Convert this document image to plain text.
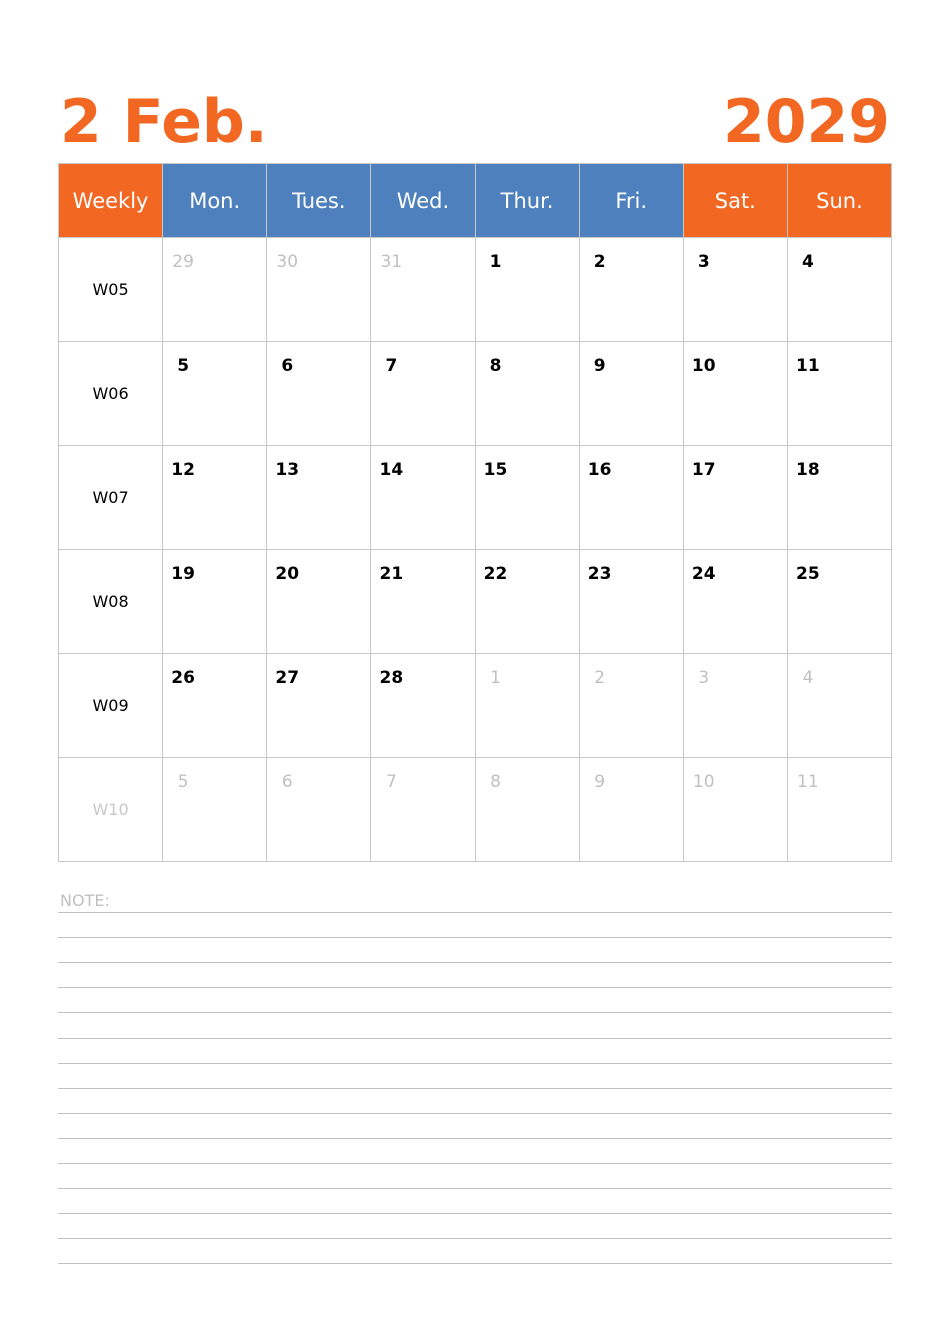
2 Feb.	2029
Weekly	Mon.	Tues.	Wed.	Thur.	Fri.	Sat.	Sun.
W05	29	30	31	1	2	3	4

W06	5	6	7	8	9	10	11

W07	12	13	14	15	16	17	18

W08	19	20	21	22	23	24	25

W09	26	27	28	1	2	3	4

W10	5	6	7	8	9	10	11
NOTE:
